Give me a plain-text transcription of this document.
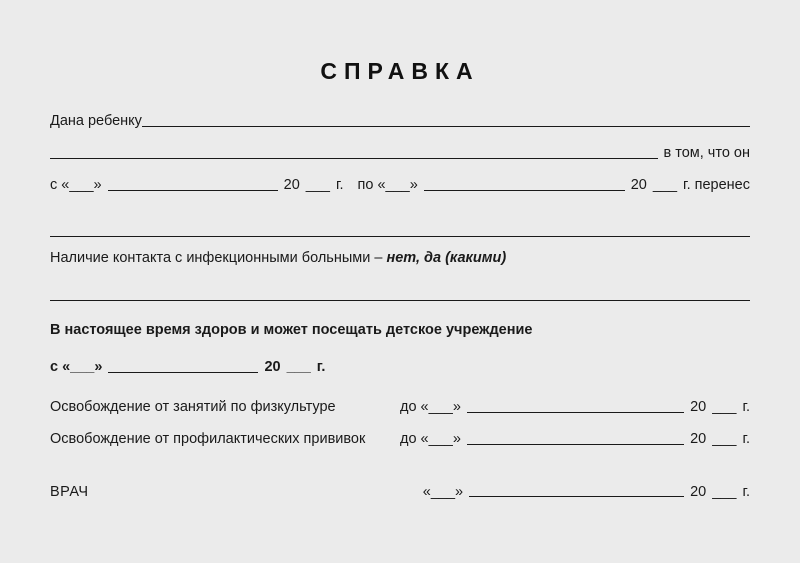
СПРАВКА
Дана ребенку
в том, что он
с « ___ »	20 ___ г. по « ___ »	20 ___ г. перенес
Наличие контакта с инфекционными больными – нет, да (какими)
В настоящее время здоров и может посещать детское учреждение
с « ___ »	20 ___ г.
Освобождение от занятий по физкультуре	до « ___ »	20 ___ г.
Освобождение от профилактических прививок	до « ___ »	20 ___ г.
ВРАЧ	« ___ »	20 ___ г.
